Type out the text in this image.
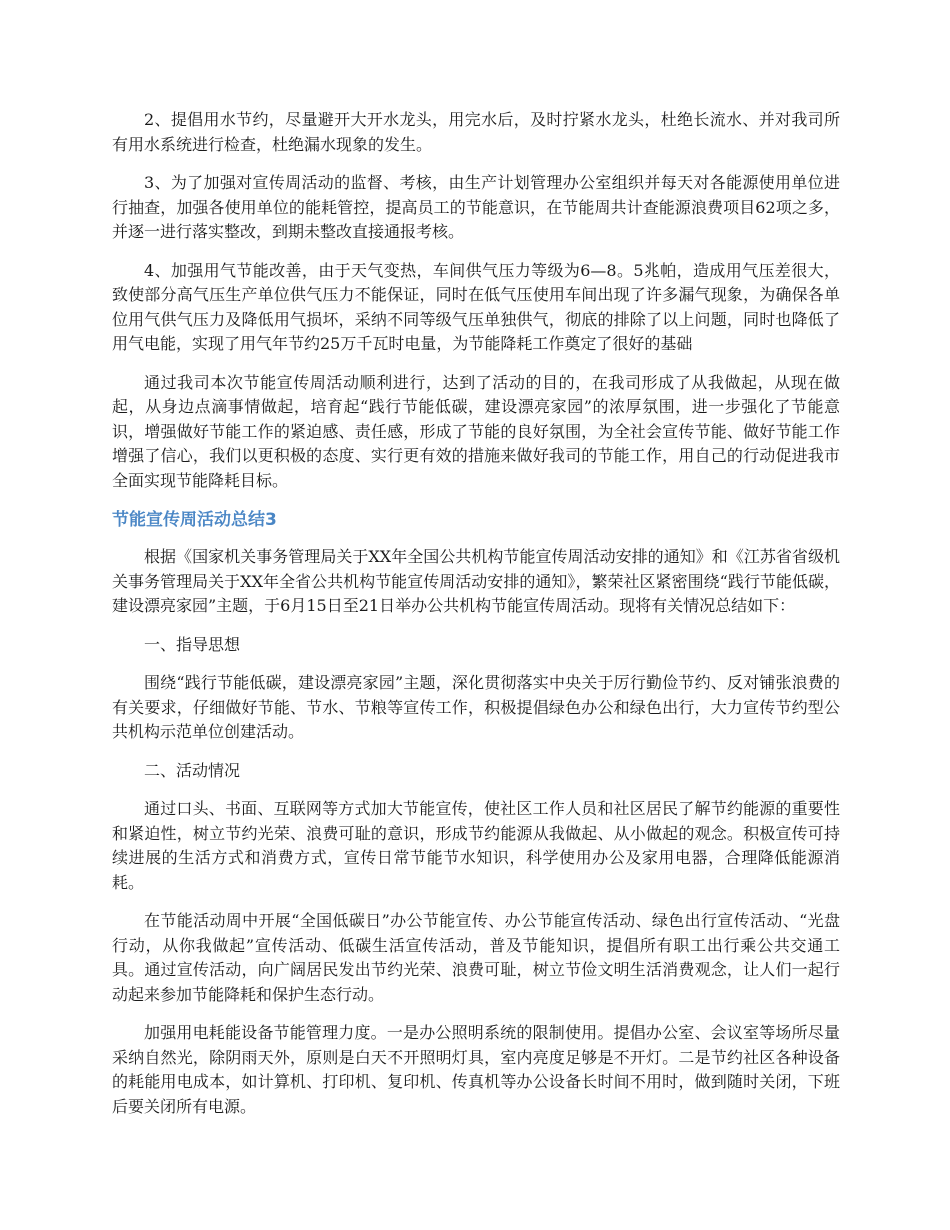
2、提倡用水节约，尽量避开大开水龙头，用完水后，及时拧紧水龙头，杜绝长流水、并对我司所有用水系统进行检查，杜绝漏水现象的发生。

3、为了加强对宣传周活动的监督、考核，由生产计划管理办公室组织并每天对各能源使用单位进行抽查，加强各使用单位的能耗管控，提高员工的节能意识，在节能周共计查能源浪费项目62项之多，并逐一进行落实整改，到期未整改直接通报考核。

4、加强用气节能改善，由于天气变热，车间供气压力等级为6—8。5兆帕，造成用气压差很大，致使部分高气压生产单位供气压力不能保证，同时在低气压使用车间出现了许多漏气现象，为确保各单位用气供气压力及降低用气损坏，采纳不同等级气压单独供气，彻底的排除了以上问题，同时也降低了用气电能，实现了用气年节约25万千瓦时电量，为节能降耗工作奠定了很好的基础

通过我司本次节能宣传周活动顺利进行，达到了活动的目的，在我司形成了从我做起，从现在做起，从身边点滴事情做起，培育起“践行节能低碳，建设漂亮家园”的浓厚氛围，进一步强化了节能意识，增强做好节能工作的紧迫感、责任感，形成了节能的良好氛围，为全社会宣传节能、做好节能工作增强了信心，我们以更积极的态度、实行更有效的措施来做好我司的节能工作，用自己的行动促进我市全面实现节能降耗目标。

节能宣传周活动总结3

根据《国家机关事务管理局关于XX年全国公共机构节能宣传周活动安排的通知》和《江苏省省级机关事务管理局关于XX年全省公共机构节能宣传周活动安排的通知》，繁荣社区紧密围绕“践行节能低碳，建设漂亮家园”主题，于6月15日至21日举办公共机构节能宣传周活动。现将有关情况总结如下：

一、指导思想

围绕“践行节能低碳，建设漂亮家园”主题，深化贯彻落实中央关于厉行勤俭节约、反对铺张浪费的有关要求，仔细做好节能、节水、节粮等宣传工作，积极提倡绿色办公和绿色出行，大力宣传节约型公共机构示范单位创建活动。

二、活动情况

通过口头、书面、互联网等方式加大节能宣传，使社区工作人员和社区居民了解节约能源的重要性和紧迫性，树立节约光荣、浪费可耻的意识，形成节约能源从我做起、从小做起的观念。积极宣传可持续进展的生活方式和消费方式，宣传日常节能节水知识，科学使用办公及家用电器，合理降低能源消耗。

在节能活动周中开展“全国低碳日”办公节能宣传、办公节能宣传活动、绿色出行宣传活动、“光盘行动，从你我做起”宣传活动、低碳生活宣传活动，普及节能知识，提倡所有职工出行乘公共交通工具。通过宣传活动，向广阔居民发出节约光荣、浪费可耻，树立节俭文明生活消费观念，让人们一起行动起来参加节能降耗和保护生态行动。

加强用电耗能设备节能管理力度。一是办公照明系统的限制使用。提倡办公室、会议室等场所尽量采纳自然光，除阴雨天外，原则是白天不开照明灯具，室内亮度足够是不开灯。二是节约社区各种设备的耗能用电成本，如计算机、打印机、复印机、传真机等办公设备长时间不用时，做到随时关闭，下班后要关闭所有电源。
